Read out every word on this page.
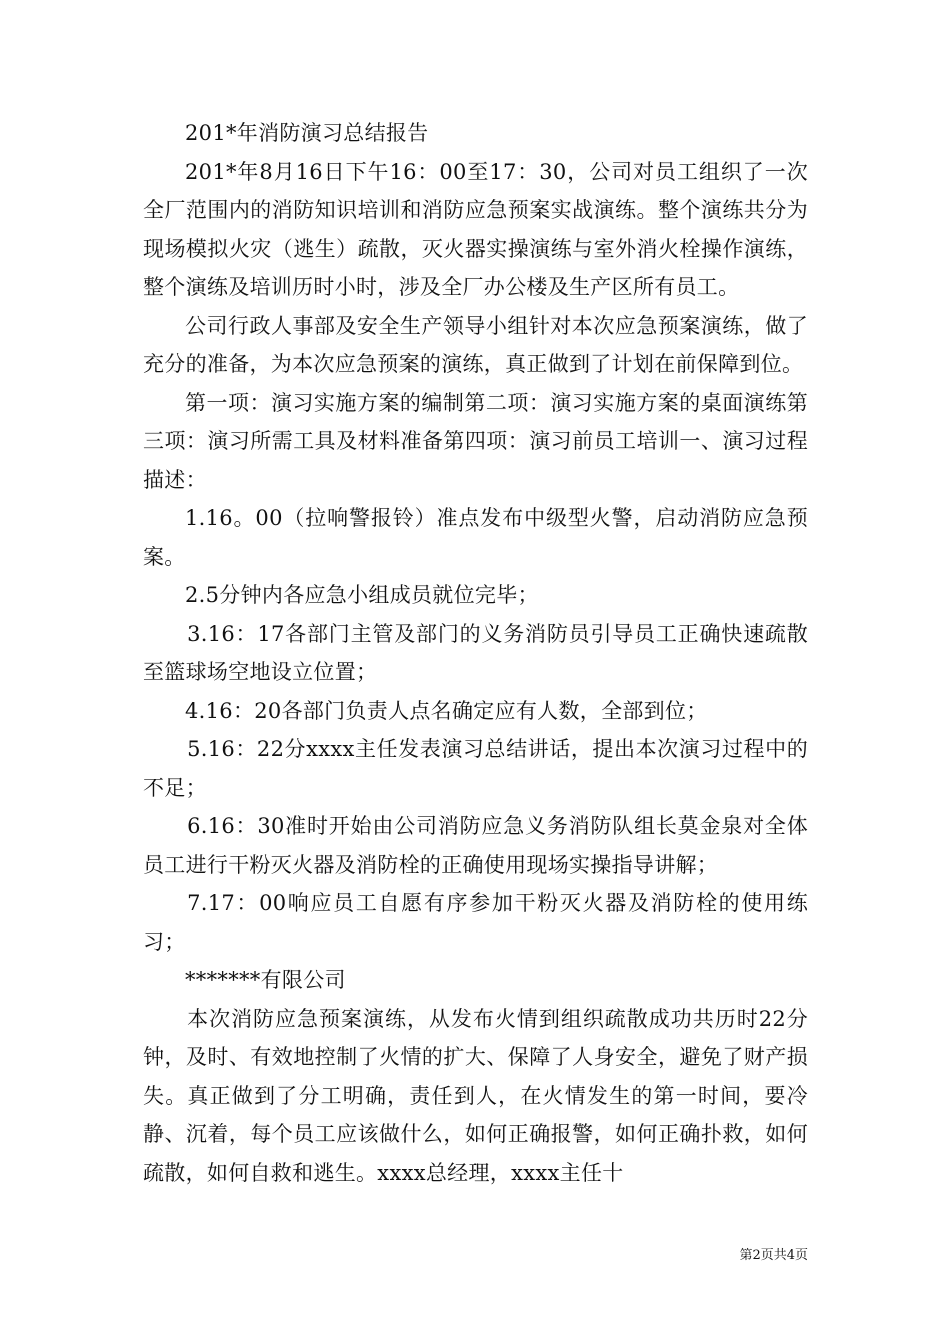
201*年消防演习总结报告

201*年8月16日下午16：00至17：30，公司对员工组织了一次全厂范围内的消防知识培训和消防应急预案实战演练。整个演练共分为现场模拟火灾（逃生）疏散，灭火器实操演练与室外消火栓操作演练，整个演练及培训历时小时，涉及全厂办公楼及生产区所有员工。

公司行政人事部及安全生产领导小组针对本次应急预案演练，做了充分的准备，为本次应急预案的演练，真正做到了计划在前保障到位。

第一项：演习实施方案的编制第二项：演习实施方案的桌面演练第三项：演习所需工具及材料准备第四项：演习前员工培训一、演习过程描述：

1.16。00（拉响警报铃）准点发布中级型火警，启动消防应急预案。

2.5分钟内各应急小组成员就位完毕；

3.16：17各部门主管及部门的义务消防员引导员工正确快速疏散至篮球场空地设立位置；

4.16：20各部门负责人点名确定应有人数，全部到位；

5.16：22分xxxx主任发表演习总结讲话，提出本次演习过程中的不足；

6.16：30准时开始由公司消防应急义务消防队组长莫金泉对全体员工进行干粉灭火器及消防栓的正确使用现场实操指导讲解；

7.17：00响应员工自愿有序参加干粉灭火器及消防栓的使用练习；

*******有限公司

本次消防应急预案演练，从发布火情到组织疏散成功共历时22分钟，及时、有效地控制了火情的扩大、保障了人身安全，避免了财产损失。真正做到了分工明确，责任到人，在火情发生的第一时间，要冷静、沉着，每个员工应该做什么，如何正确报警，如何正确扑救，如何疏散，如何自救和逃生。xxxx总经理，xxxx主任十

第2页共4页
